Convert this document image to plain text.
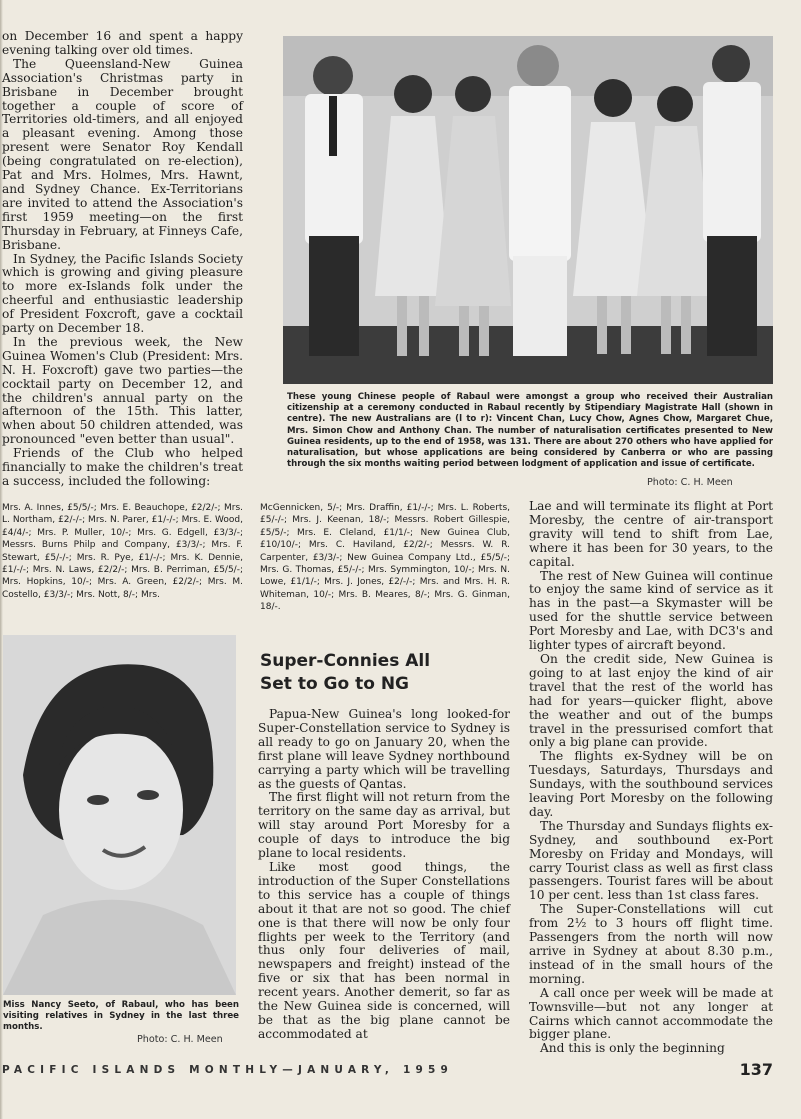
on December 16 and spent a happy evening talking over old times.

The Queensland-New Guinea Association's Christmas party in Brisbane in December brought together a couple of score of Territories old-timers, and all enjoyed a pleasant evening. Among those present were Senator Roy Kendall (being congratulated on re-election), Pat and Mrs. Holmes, Mrs. Hawnt, and Sydney Chance. Ex-Territorians are invited to attend the Association's first 1959 meeting—on the first Thursday in February, at Finneys Cafe, Brisbane.

In Sydney, the Pacific Islands Society which is growing and giving pleasure to more ex-Islands folk under the cheerful and enthusiastic leadership of President Foxcroft, gave a cocktail party on December 18.

In the previous week, the New Guinea Women's Club (President: Mrs. N. H. Foxcroft) gave two parties—the cocktail party on December 12, and the children's annual party on the afternoon of the 15th. This latter, when about 50 children attended, was pronounced "even better than usual".

Friends of the Club who helped financially to make the children's treat a success, included the following:

These young Chinese people of Rabaul were amongst a group who received their Australian citizenship at a ceremony conducted in Rabaul recently by Stipendiary Magistrate Hall (shown in centre). The new Australians are (l to r): Vincent Chan, Lucy Chow, Agnes Chow, Margaret Chue, Mrs. Simon Chow and Anthony Chan. The number of naturalisation certificates presented to New Guinea residents, up to the end of 1958, was 131. There are about 270 others who have applied for naturalisation, but whose applications are being considered by Canberra or who are passing through the six months waiting period between lodgment of application and issue of certificate.

Photo: C. H. Meen

Mrs. A. Innes, £5/5/-; Mrs. E. Beauchope, £2/2/-; Mrs. L. Northam, £2/-/-; Mrs. N. Parer, £1/-/-; Mrs. E. Wood, £4/4/-; Mrs. P. Muller, 10/-; Mrs. G. Edgell, £3/3/-; Messrs. Burns Philp and Company, £3/3/-; Mrs. F. Stewart, £5/-/-; Mrs. R. Pye, £1/-/-; Mrs. K. Dennie, £1/-/-; Mrs. N. Laws, £2/2/-; Mrs. B. Perriman, £5/5/-; Mrs. Hopkins, 10/-; Mrs. A. Green, £2/2/-; Mrs. M. Costello, £3/3/-; Mrs. Nott, 8/-; Mrs.

McGennicken, 5/-; Mrs. Draffin, £1/-/-; Mrs. L. Roberts, £5/-/-; Mrs. J. Keenan, 18/-; Messrs. Robert Gillespie, £5/5/-; Mrs. E. Cleland, £1/1/-; New Guinea Club, £10/10/-; Mrs. C. Haviland, £2/2/-; Messrs. W. R. Carpenter, £3/3/-; New Guinea Company Ltd., £5/5/-; Mrs. G. Thomas, £5/-/-; Mrs. Symmington, 10/-; Mrs. N. Lowe, £1/1/-; Mrs. J. Jones, £2/-/-; Mrs. and Mrs. H. R. Whiteman, 10/-; Mrs. B. Meares, 8/-; Mrs. G. Ginman, 18/-.

Miss Nancy Seeto, of Rabaul, who has been visiting relatives in Sydney in the last three months.

Photo: C. H. Meen
Super-Connies All
Set to Go to NG

Papua-New Guinea's long looked-for Super-Constellation service to Sydney is all ready to go on January 20, when the first plane will leave Sydney northbound carrying a party which will be travelling as the guests of Qantas.

The first flight will not return from the territory on the same day as arrival, but will stay around Port Moresby for a couple of days to introduce the big plane to local residents.

Like most good things, the introduction of the Super Constellations to this service has a couple of things about it that are not so good. The chief one is that there will now be only four flights per week to the Territory (and thus only four deliveries of mail, newspapers and freight) instead of the five or six that has been normal in recent years. Another demerit, so far as the New Guinea side is concerned, will be that as the big plane cannot be accommodated at

Lae and will terminate its flight at Port Moresby, the centre of air-transport gravity will tend to shift from Lae, where it has been for 30 years, to the capital.

The rest of New Guinea will continue to enjoy the same kind of service as it has in the past—a Skymaster will be used for the shuttle service between Port Moresby and Lae, with DC3's and lighter types of aircraft beyond.

On the credit side, New Guinea is going to at last enjoy the kind of air travel that the rest of the world has had for years—quicker flight, above the weather and out of the bumps travel in the pressurised comfort that only a big plane can provide.

The flights ex-Sydney will be on Tuesdays, Saturdays, Thursdays and Sundays, with the southbound services leaving Port Moresby on the following day.

The Thursday and Sundays flights ex-Sydney, and southbound ex-Port Moresby on Friday and Mondays, will carry Tourist class as well as first class passengers. Tourist fares will be about 10 per cent. less than 1st class fares.

The Super-Constellations will cut from 2½ to 3 hours off flight time. Passengers from the north will now arrive in Sydney at about 8.30 p.m., instead of in the small hours of the morning.

A call once per week will be made at Townsville—but not any longer at Cairns which cannot accommodate the bigger plane.

And this is only the beginning

PACIFIC ISLANDS MONTHLY—JANUARY, 1959	137
